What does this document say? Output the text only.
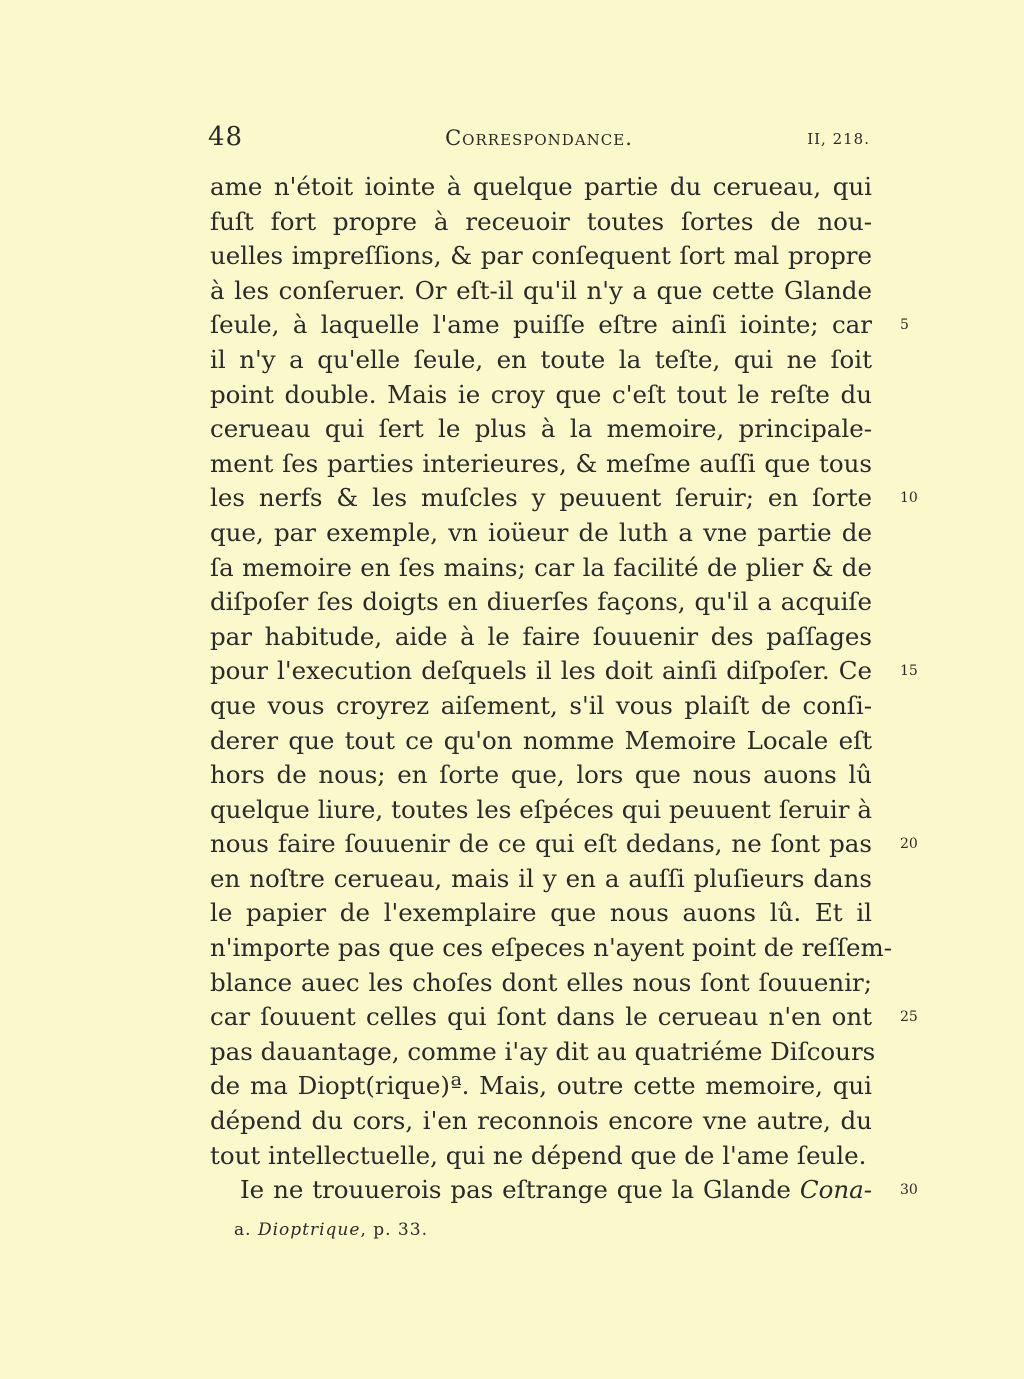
48	Correspondance.	II, 218.
ame n'étoit iointe à quelque partie du cerueau, qui
fuſt fort propre à receuoir toutes ſortes de nou-
uelles impreſſions, & par conſequent ſort mal propre
à les conſeruer. Or eſt-il qu'il n'y a que cette Glande
ſeule, à laquelle l'ame puiſſe eſtre ainſi iointe; car 5
il n'y a qu'elle ſeule, en toute la teſte, qui ne ſoit
point double. Mais ie croy que c'eſt tout le reſte du
cerueau qui ſert le plus à la memoire, principale-
ment ſes parties interieures, & meſme auſſi que tous
les nerfs & les muſcles y peuuent ſeruir; en ſorte 10
que, par exemple, vn ioüeur de luth a vne partie de
ſa memoire en ſes mains; car la facilité de plier & de
diſpoſer ſes doigts en diuerſes façons, qu'il a acquiſe
par habitude, aide à le faire ſouuenir des paſſages
pour l'execution deſquels il les doit ainſi diſpoſer. Ce 15
que vous croyrez aiſement, s'il vous plaiſt de conſi-
derer que tout ce qu'on nomme Memoire Locale eſt
hors de nous; en ſorte que, lors que nous auons lû
quelque liure, toutes les eſpéces qui peuuent ſeruir à
nous faire ſouuenir de ce qui eſt dedans, ne ſont pas 20
en noſtre cerueau, mais il y en a auſſi pluſieurs dans
le papier de l'exemplaire que nous auons lû. Et il
n'importe pas que ces eſpeces n'ayent point de reſſem-
blance auec les choſes dont elles nous ſont ſouuenir;
car ſouuent celles qui ſont dans le cerueau n'en ont 25
pas dauantage, comme i'ay dit au quatriéme Diſcours
de ma Diopt(rique)ª. Mais, outre cette memoire, qui
dépend du cors, i'en reconnois encore vne autre, du
tout intellectuelle, qui ne dépend que de l'ame ſeule.
Ie ne trouuerois pas eſtrange que la Glande Cona- 30
a. Dioptrique, p. 33.
